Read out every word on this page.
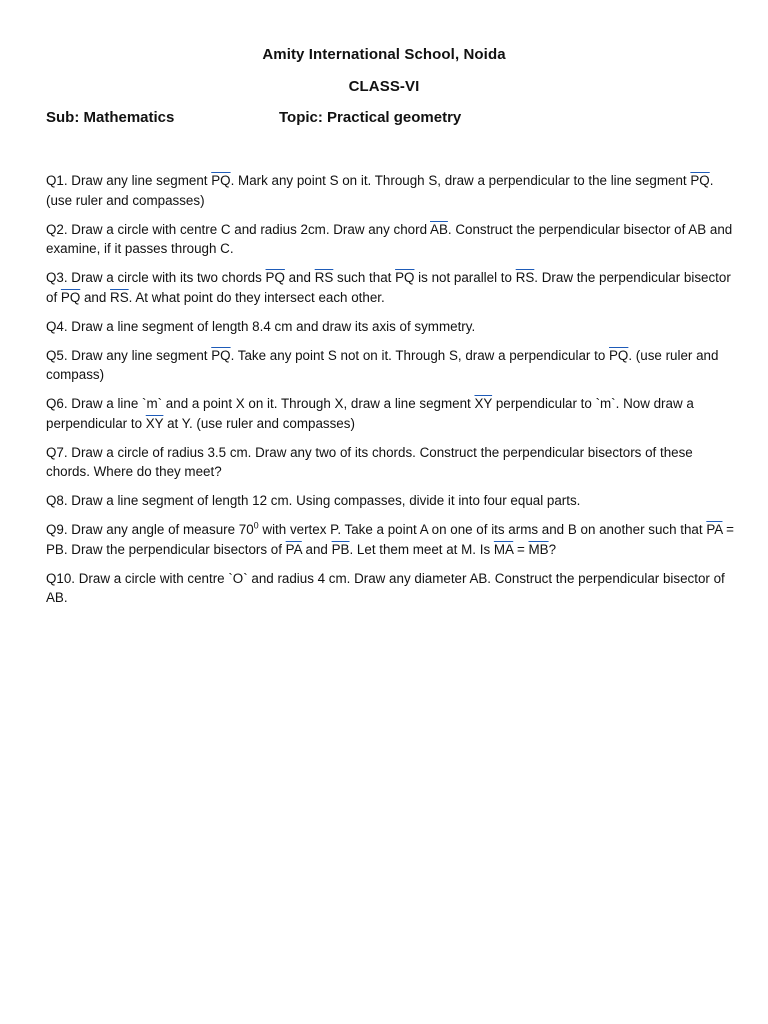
Amity International School, Noida
CLASS-VI
Sub: Mathematics	Topic: Practical geometry

Q1. Draw any line segment $\overline{PQ}$. Mark any point S on it. Through S, draw a perpendicular to the line segment $\overline{PQ}$. (use ruler and compasses)

Q2. Draw a circle with centre C and radius 2cm. Draw any chord $\overline{AB}$. Construct the perpendicular bisector of AB and examine, if it passes through C.

Q3. Draw a circle with its two chords $\overline{PQ}$ and $\overline{RS}$ such that $\overline{PQ}$ is not parallel to $\overline{RS}$. Draw the perpendicular bisector of $\overline{PQ}$ and $\overline{RS}$. At what point do they intersect each other.

Q4. Draw a line segment of length 8.4 cm and draw its axis of symmetry.

Q5. Draw any line segment $\overline{PQ}$. Take any point S not on it. Through S, draw a perpendicular to $\overline{PQ}$. (use ruler and compass)

Q6. Draw a line `m` and a point X on it. Through X, draw a line segment $\overline{XY}$ perpendicular to `m`. Now draw a perpendicular to $\overline{XY}$ at Y. (use ruler and compasses)

Q7. Draw a circle of radius 3.5 cm. Draw any two of its chords. Construct the perpendicular bisectors of these chords. Where do they meet?

Q8. Draw a line segment of length 12 cm. Using compasses, divide it into four equal parts.

Q9. Draw any angle of measure $70^0$ with vertex P. Take a point A on one of its arms and B on another such that $\overline{PA}$ = PB. Draw the perpendicular bisectors of $\overline{PA}$ and $\overline{PB}$. Let them meet at M. Is $\overline{MA} = \overline{MB}$?

Q10. Draw a circle with centre `O` and radius 4 cm. Draw any diameter AB. Construct the perpendicular bisector of AB.
